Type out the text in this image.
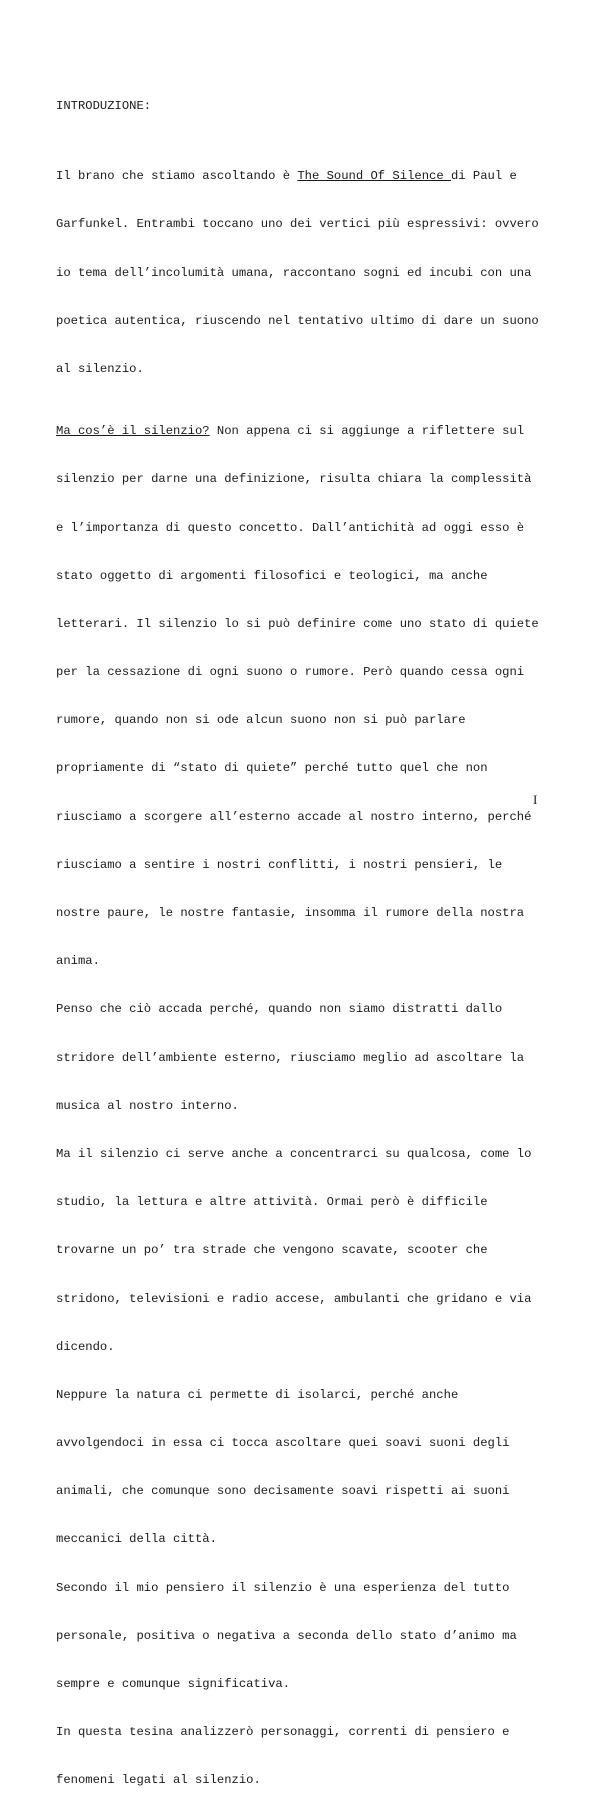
INTRODUZIONE:

Il brano che stiamo ascoltando è The Sound Of Silence di Paul e

Garfunkel. Entrambi toccano uno dei vertici più espressivi: ovvero

io tema dell’incolumità umana, raccontano sogni ed incubi con una

poetica autentica, riuscendo nel tentativo ultimo di dare un suono

al silenzio.

Ma cos’è il silenzio? Non appena ci si aggiunge a riflettere sul

silenzio per darne una definizione, risulta chiara la complessità

e l’importanza di questo concetto. Dall’antichità ad oggi esso è

stato oggetto di argomenti filosofici e teologici, ma anche

letterari. Il silenzio lo si può definire come uno stato di quiete

per la cessazione di ogni suono o rumore. Però quando cessa ogni

rumore, quando non si ode alcun suono non si può parlare

propriamente di “stato di quiete” perché tutto quel che non

riusciamo a scorgere all’esterno accade al nostro interno, perché

riusciamo a sentire i nostri conflitti, i nostri pensieri, le

nostre paure, le nostre fantasie, insomma il rumore della nostra

anima.

Penso che ciò accada perché, quando non siamo distratti dallo

stridore dell’ambiente esterno, riusciamo meglio ad ascoltare la

musica al nostro interno.

Ma il silenzio ci serve anche a concentrarci su qualcosa, come lo

studio, la lettura e altre attività. Ormai però è difficile

trovarne un po’ tra strade che vengono scavate, scooter che

stridono, televisioni e radio accese, ambulanti che gridano e via

dicendo.

Neppure la natura ci permette di isolarci, perché anche

avvolgendoci in essa ci tocca ascoltare quei soavi suoni degli

animali, che comunque sono decisamente soavi rispetti ai suoni

meccanici della città.

Secondo il mio pensiero il silenzio è una esperienza del tutto

personale, positiva o negativa a seconda dello stato d’animo ma

sempre e comunque significativa.

In questa tesina analizzerò personaggi, correnti di pensiero e

fenomeni legati al silenzio.

I
